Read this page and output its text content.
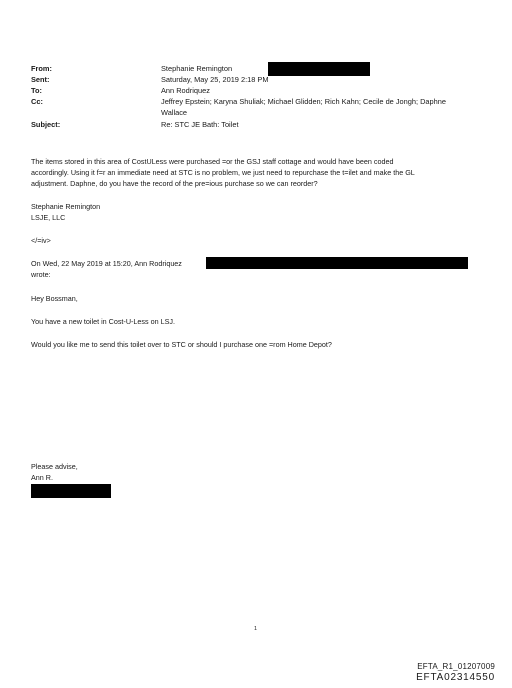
From:	Stephanie Remington
Sent:	Saturday, May 25, 2019 2:18 PM
To:	Ann Rodriquez
Cc:	Jeffrey Epstein; Karyna Shuliak; Michael Glidden; Rich Kahn; Cecile de Jongh; Daphne
Wallace
Subject:	Re: STC JE Bath: Toilet
The items stored in this area of CostULess were purchased =or the GSJ staff cottage and would have been coded
accordingly. Using it f=r an immediate need at STC is no problem, we just need to repurchase the t=ilet and make the GL
adjustment. Daphne, do you have the record of the pre=ious purchase so we can reorder?
Stephanie Remington
LSJE, LLC
</=iv>
On Wed, 22 May 2019 at 15:20, Ann Rodriquez
wrote:
Hey Bossman,
You have a new toilet in Cost-U-Less on LSJ.
Would you like me to send this toilet over to STC or should I purchase one =rom Home Depot?
Please advise,
Ann R.
1
EFTA_R1_01207009
EFTA02314550
